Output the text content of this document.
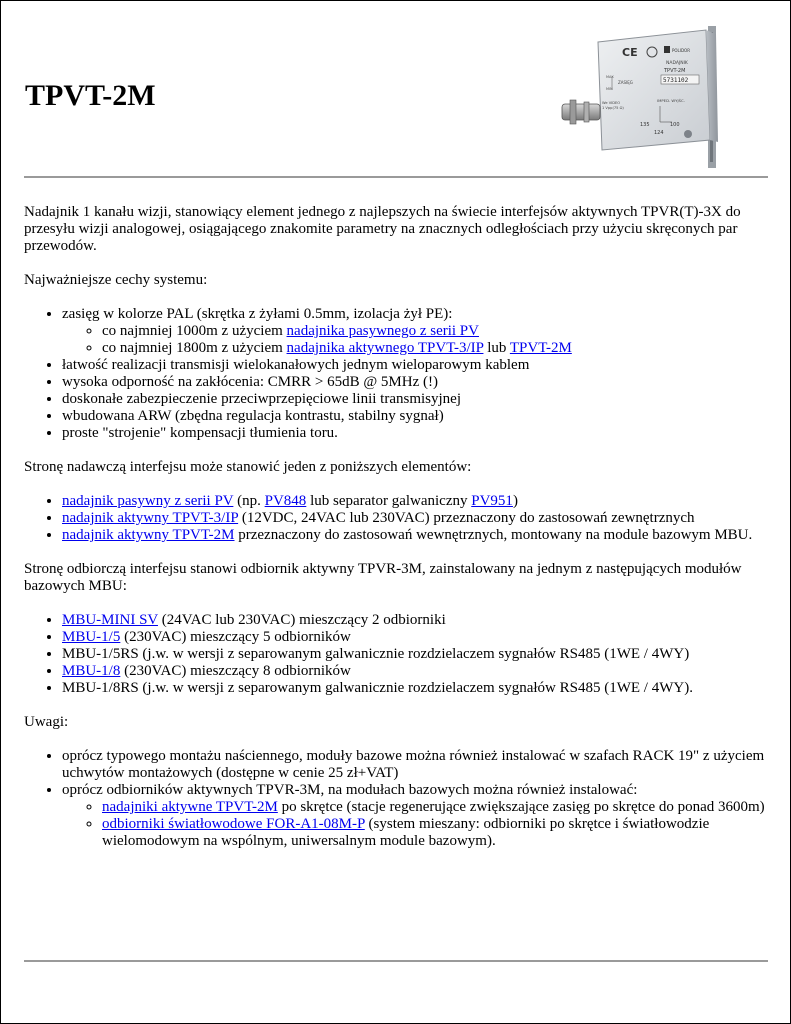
TPVT-2M
CE	POLIDOR
NADAJNIK
TPVT-2M
5731102
MAX
MIN
ZASIĘG
We VIDEO
1 Vpp(75 Ω)
IMPED. WYJŚC.
135
124
100

Nadajnik 1 kanału wizji, stanowiący element jednego z najlepszych na świecie interfejsów aktywnych TPVR(T)-3X do przesyłu wizji analogowej, osiągającego znakomite parametry na znacznych odległościach przy użyciu skręconych par przewodów.

Najważniejsze cechy systemu:

• zasięg w kolorze PAL (skrętka z żyłami 0.5mm, izolacja żył PE):
◦ co najmniej 1000m z użyciem nadajnika pasywnego z serii PV
◦ co najmniej 1800m z użyciem nadajnika aktywnego TPVT-3/IP lub TPVT-2M
• łatwość realizacji transmisji wielokanałowych jednym wieloparowym kablem
• wysoka odporność na zakłócenia: CMRR > 65dB @ 5MHz (!)
• doskonałe zabezpieczenie przeciwprzepięciowe linii transmisyjnej
• wbudowana ARW (zbędna regulacja kontrastu, stabilny sygnał)
• proste "strojenie" kompensacji tłumienia toru.

Stronę nadawczą interfejsu może stanowić jeden z poniższych elementów:

• nadajnik pasywny z serii PV (np. PV848 lub separator galwaniczny PV951)
• nadajnik aktywny TPVT-3/IP (12VDC, 24VAC lub 230VAC) przeznaczony do zastosowań zewnętrznych
• nadajnik aktywny TPVT-2M przeznaczony do zastosowań wewnętrznych, montowany na module bazowym MBU.

Stronę odbiorczą interfejsu stanowi odbiornik aktywny TPVR-3M, zainstalowany na jednym z następujących modułów bazowych MBU:

• MBU-MINI SV (24VAC lub 230VAC) mieszczący 2 odbiorniki
• MBU-1/5 (230VAC) mieszczący 5 odbiorników
• MBU-1/5RS (j.w. w wersji z separowanym galwanicznie rozdzielaczem sygnałów RS485 (1WE / 4WY)
• MBU-1/8 (230VAC) mieszczący 8 odbiorników
• MBU-1/8RS (j.w. w wersji z separowanym galwanicznie rozdzielaczem sygnałów RS485 (1WE / 4WY).

Uwagi:

• oprócz typowego montażu naściennego, moduły bazowe można również instalować w szafach RACK 19" z użyciem uchwytów montażowych (dostępne w cenie 25 zł+VAT)
• oprócz odbiorników aktywnych TPVR-3M, na modułach bazowych można również instalować:
◦ nadajniki aktywne TPVT-2M po skrętce (stacje regenerujące zwiększające zasięg po skrętce do ponad 3600m)
◦ odbiorniki światłowodowe FOR-A1-08M-P (system mieszany: odbiorniki po skrętce i światłowodzie wielomodowym na wspólnym, uniwersalnym module bazowym).
